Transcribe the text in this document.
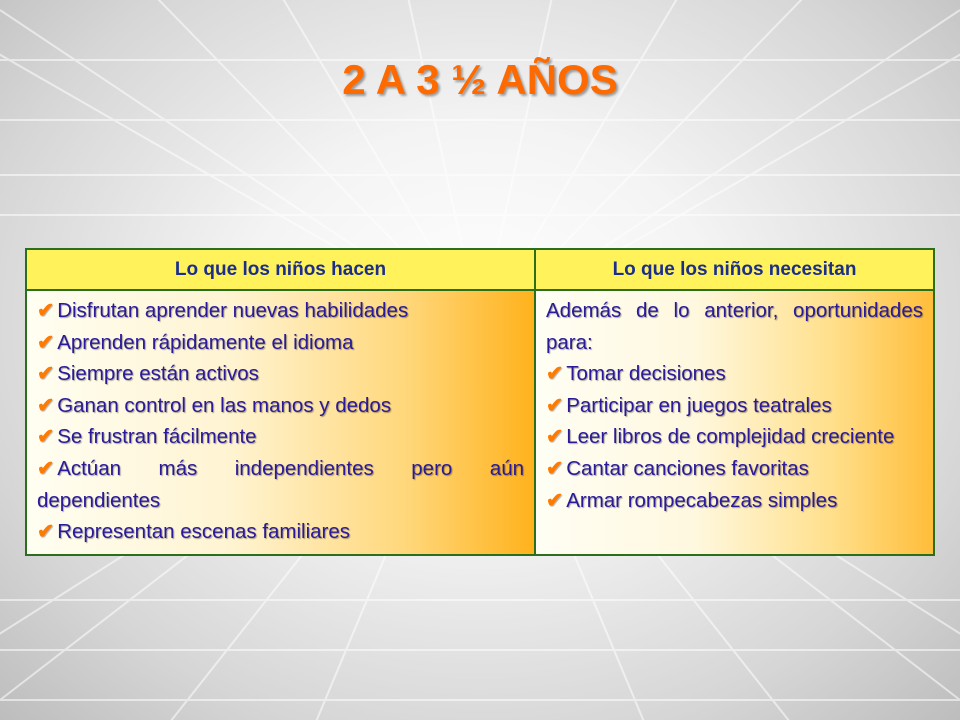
2 A 3 ½ AÑOS
Lo que los niños hacen	Lo que los niños necesitan
✔ Disfrutan aprender nuevas habilidades
✔ Aprenden rápidamente el idioma
✔ Siempre están activos
✔ Ganan control en las manos y dedos
✔ Se frustran fácilmente
✔ Actúan más independientes pero aún dependientes
✔ Representan escenas familiares
Además de lo anterior, oportunidades para:
✔ Tomar decisiones
✔ Participar en juegos teatrales
✔ Leer libros de complejidad creciente
✔ Cantar canciones favoritas
✔ Armar rompecabezas simples
